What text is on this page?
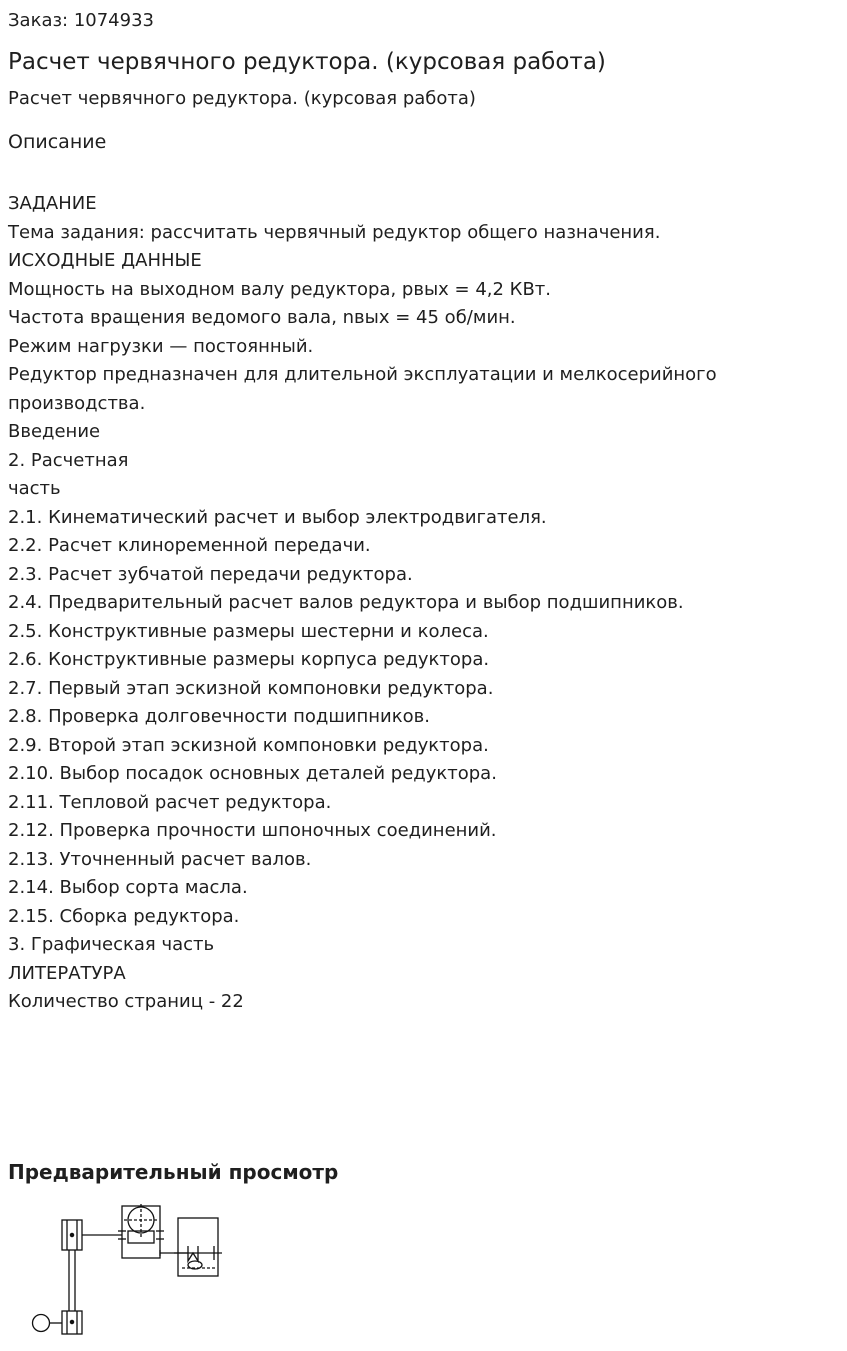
Заказ: 1074933
Расчет червячного редуктора. (курсовая работа)
Расчет червячного редуктора. (курсовая работа)
Описание
ЗАДАНИЕ
Тема задания: рассчитать червячный редуктор общего назначения.
ИСХОДНЫЕ ДАННЫЕ
Мощность на выходном валу редуктора, рвых = 4,2 КВт.
Частота вращения ведомого вала, nвых = 45 об/мин.
Режим нагрузки — постоянный.
Редуктор предназначен для длительной эксплуатации и мелкосерийного
производства.
Введение
2. Расчетная
часть
2.1. Кинематический расчет и выбор электродвигателя.
2.2. Расчет клиноременной передачи.
2.3. Расчет зубчатой передачи редуктора.
2.4. Предварительный расчет валов редуктора и выбор подшипников.
2.5. Конструктивные размеры шестерни и колеса.
2.6. Конструктивные размеры корпуса редуктора.
2.7. Первый этап эскизной компоновки редуктора.
2.8. Проверка долговечности подшипников.
2.9. Второй этап эскизной компоновки редуктора.
2.10. Выбор посадок основных деталей редуктора.
2.11. Тепловой расчет редуктора.
2.12. Проверка прочности шпоночных соединений.
2.13. Уточненный расчет валов.
2.14. Выбор сорта масла.
2.15. Сборка редуктора.
3. Графическая часть
ЛИТЕРАТУРА
Количество страниц - 22
Предварительный просмотр
